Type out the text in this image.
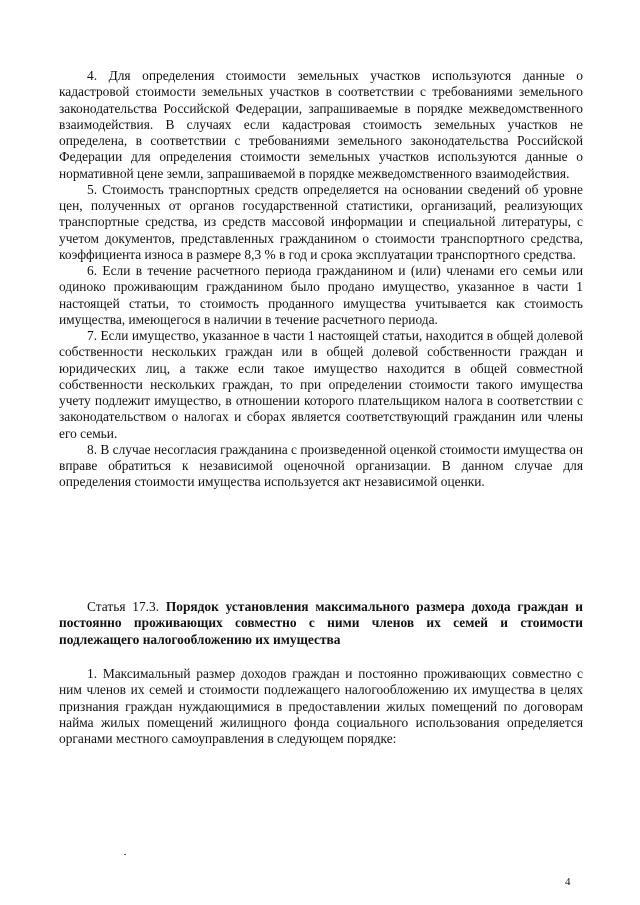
4. Для определения стоимости земельных участков используются данные о кадастровой стоимости земельных участков в соответствии с требованиями земельного законодательства Российской Федерации, запрашиваемые в порядке межведомственного взаимодействия. В случаях если кадастровая стоимость земельных участков не определена, в соответствии с требованиями земельного законодательства Российской Федерации для определения стоимости земельных участков используются данные о нормативной цене земли, запрашиваемой в порядке межведомственного взаимодействия.

5. Стоимость транспортных средств определяется на основании сведений об уровне цен, полученных от органов государственной статистики, организаций, реализующих транспортные средства, из средств массовой информации и специальной литературы, с учетом документов, представленных гражданином о стоимости транспортного средства, коэффициента износа в размере 8,3 % в год и срока эксплуатации транспортного средства.

6. Если в течение расчетного периода гражданином и (или) членами его семьи или одиноко проживающим гражданином было продано имущество, указанное в части 1 настоящей статьи, то стоимость проданного имущества учитывается как стоимость имущества, имеющегося в наличии в течение расчетного периода.

7. Если имущество, указанное в части 1 настоящей статьи, находится в общей долевой собственности нескольких граждан или в общей долевой собственности граждан и юридических лиц, а также если такое имущество находится в общей совместной собственности нескольких граждан, то при определении стоимости такого имущества учету подлежит имущество, в отношении которого плательщиком налога в соответствии с законодательством о налогах и сборах является соответствующий гражданин или члены его семьи.

8. В случае несогласия гражданина с произведенной оценкой стоимости имущества он вправе обратиться к независимой оценочной организации. В данном случае для определения стоимости имущества используется акт независимой оценки.

Статья 17.3. Порядок установления максимального размера дохода граждан и постоянно проживающих совместно с ними членов их семей и стоимости подлежащего налогообложению их имущества

1. Максимальный размер доходов граждан и постоянно проживающих совместно с ним членов их семей и стоимости подлежащего налогообложению их имущества в целях признания граждан нуждающимися в предоставлении жилых помещений по договорам найма жилых помещений жилищного фонда социального использования определяется органами местного самоуправления в следующем порядке:

4
